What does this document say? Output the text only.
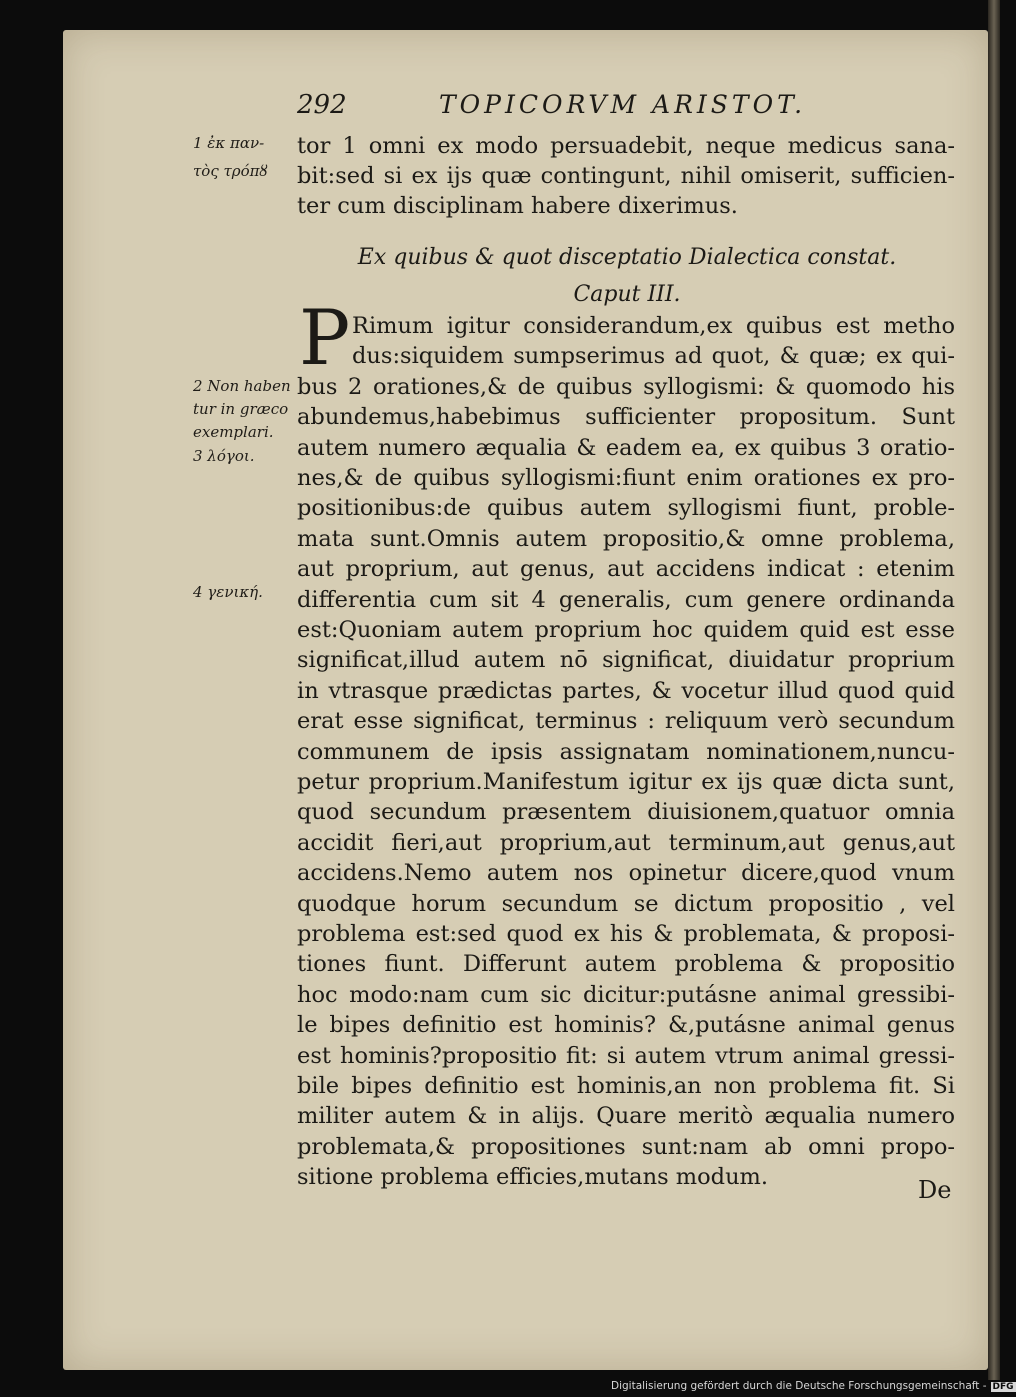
292	TOPICORVM ARISTOT.
1 ἐκ παν-
τὸς τρόπȣ
2 Non haben
tur in græco
exemplari.
3 λόγοι.
4 γενική.
tor 1 omni ex modo persuadebit, neque medicus sana-
bit:sed si ex ijs quæ contingunt, nihil omiserit, sufficien-
ter cum disciplinam habere dixerimus.
Ex quibus & quot disceptatio Dialectica constat.
Caput III.
P Rimum igitur considerandum,ex quibus est metho
dus:siquidem sumpserimus ad quot, & quæ; ex qui-
bus 2 orationes,& de quibus syllogismi: & quomodo his
abundemus,habebimus sufficienter propositum. Sunt
autem numero æqualia & eadem ea, ex quibus 3 oratio-
nes,& de quibus syllogismi:fiunt enim orationes ex pro-
positionibus:de quibus autem syllogismi fiunt, proble-
mata sunt.Omnis autem propositio,& omne problema,
aut proprium, aut genus, aut accidens indicat : etenim
differentia cum sit 4 generalis, cum genere ordinanda
est:Quoniam autem proprium hoc quidem quid est esse
significat,illud autem nō significat, diuidatur proprium
in vtrasque prædictas partes, & vocetur illud quod quid
erat esse significat, terminus : reliquum verò secundum
communem de ipsis assignatam nominationem,nuncu-
petur proprium.Manifestum igitur ex ijs quæ dicta sunt,
quod secundum præsentem diuisionem,quatuor omnia
accidit fieri,aut proprium,aut terminum,aut genus,aut
accidens.Nemo autem nos opinetur dicere,quod vnum
quodque horum secundum se dictum propositio , vel
problema est:sed quod ex his & problemata, & proposi-
tiones fiunt. Differunt autem problema & propositio
hoc modo:nam cum sic dicitur:putásne animal gressibi-
le bipes definitio est hominis? &,putásne animal genus
est hominis?propositio fit: si autem vtrum animal gressi-
bile bipes definitio est hominis,an non problema fit. Si
militer autem & in alijs. Quare meritò æqualia numero
problemata,& propositiones sunt:nam ab omni propo-
sitione problema efficies,mutans modum.	De
Digitalisierung gefördert durch die Deutsche Forschungsgemeinschaft - DFG
